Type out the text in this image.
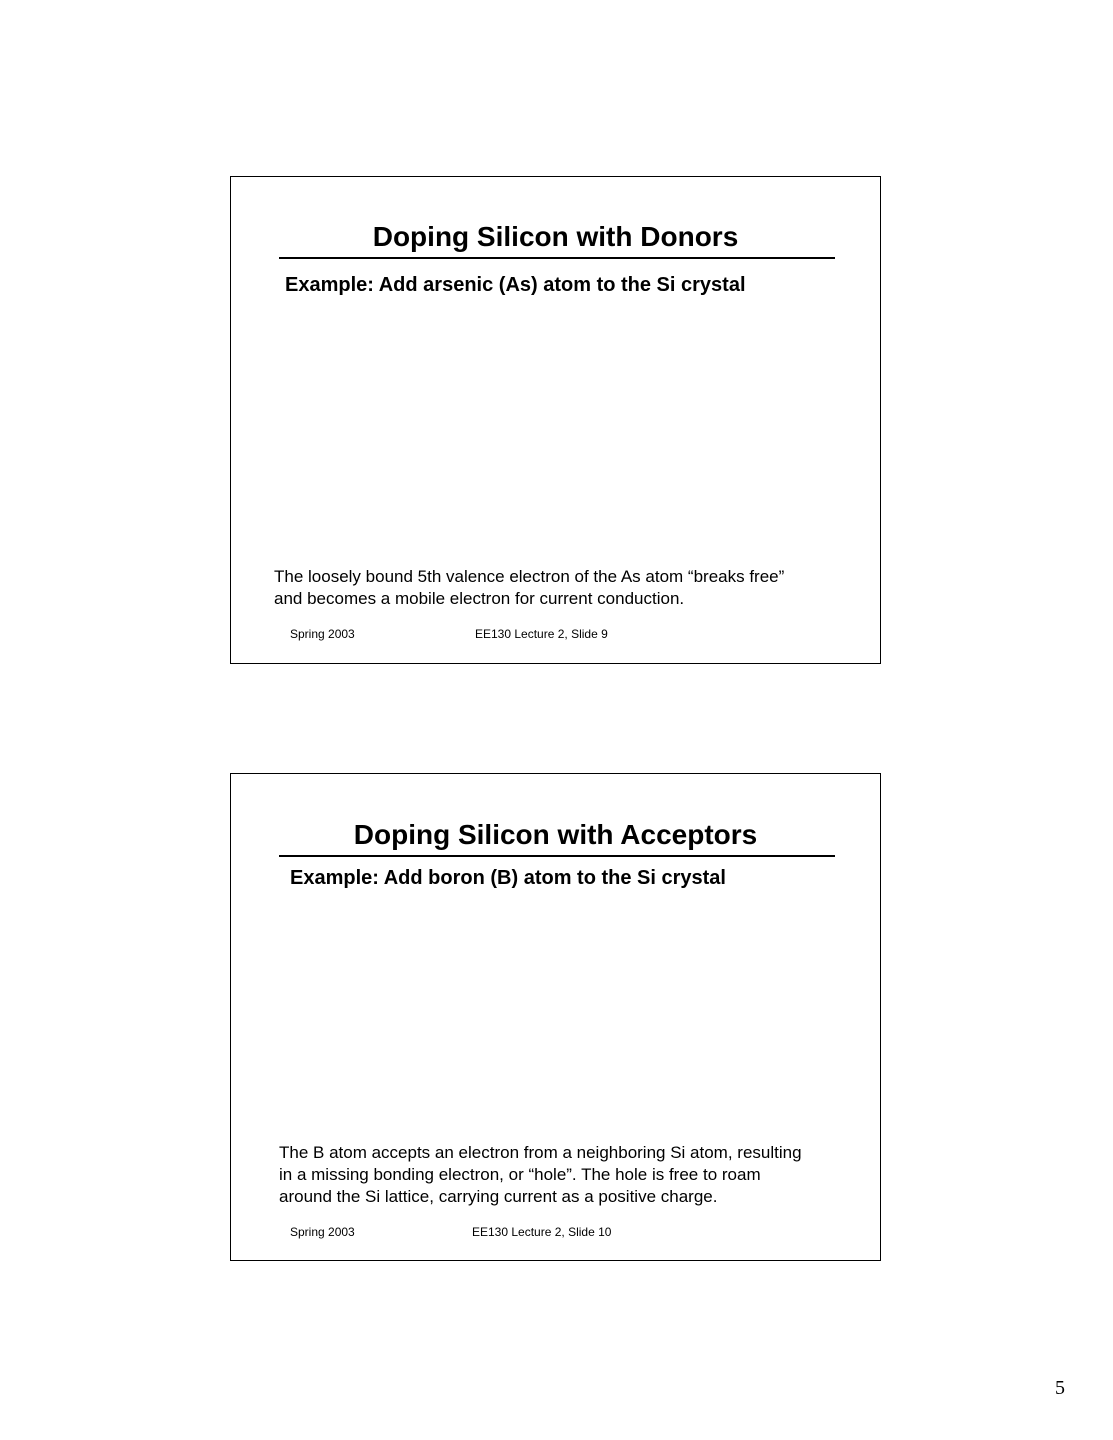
Doping Silicon with Donors

Example: Add arsenic (As) atom to the Si crystal

The loosely bound 5th valence electron of the As atom “breaks free”
and becomes a mobile electron for current conduction.

Spring 2003	EE130 Lecture 2, Slide 9
Doping Silicon with Acceptors

Example: Add boron (B) atom to the Si crystal

The B atom accepts an electron from a neighboring Si atom, resulting
in a missing bonding electron, or “hole”. The hole is free to roam
around the Si lattice, carrying current as a positive charge.

Spring 2003	EE130 Lecture 2, Slide 10
5
